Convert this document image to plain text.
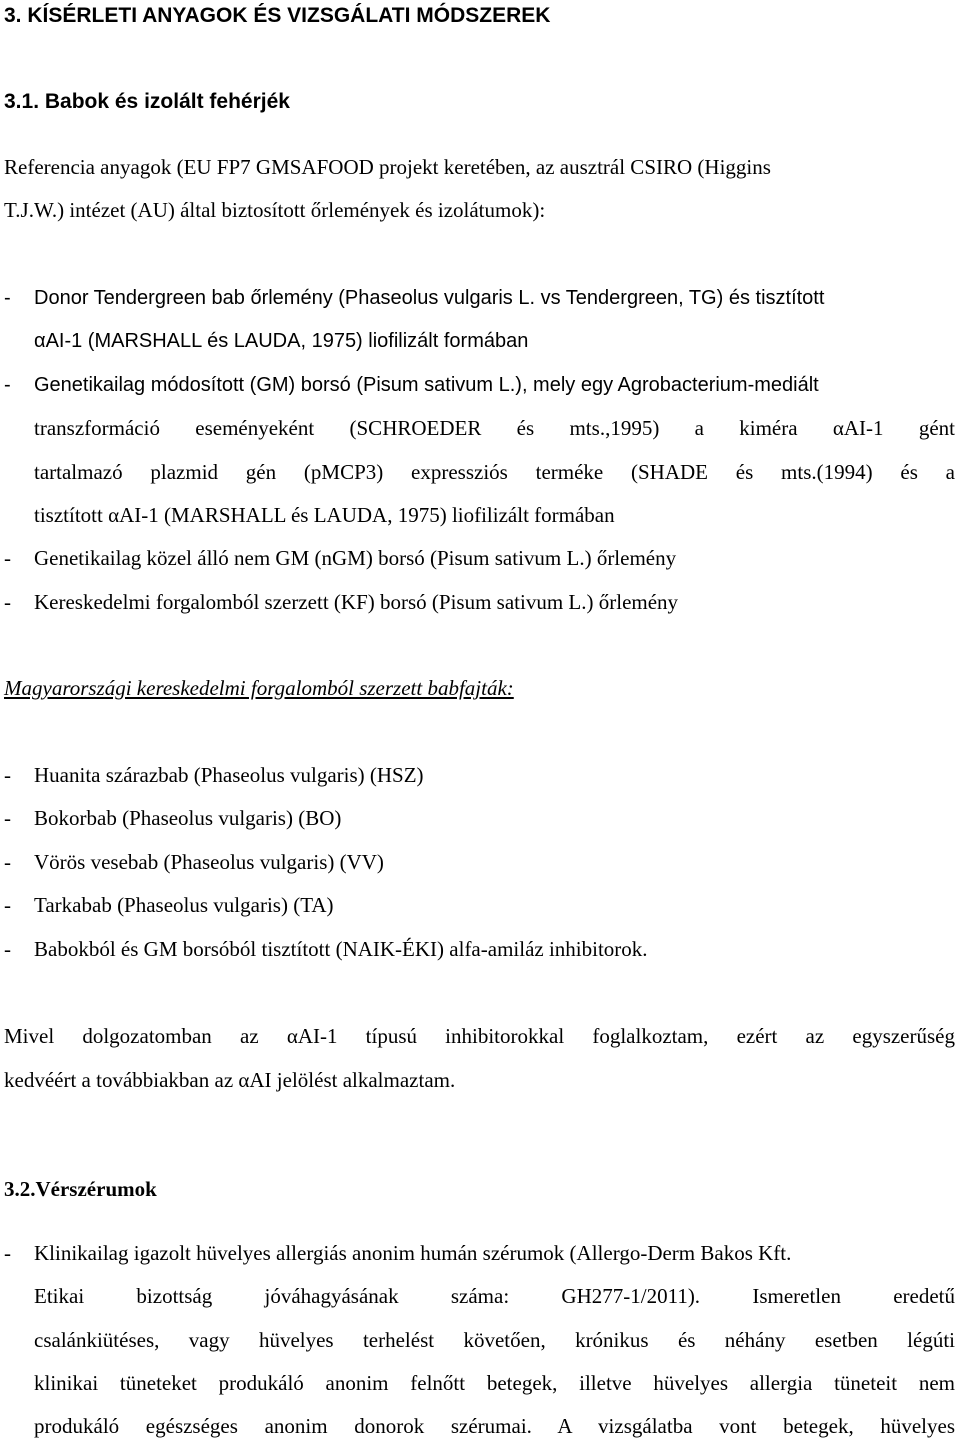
3. KÍSÉRLETI ANYAGOK ÉS VIZSGÁLATI MÓDSZEREK
3.1. Babok és izolált fehérjék
Referencia anyagok (EU FP7 GMSAFOOD projekt keretében, az ausztrál CSIRO (Higgins
T.J.W.) intézet (AU) által biztosított őrlemények és izolátumok):
- Donor Tendergreen bab őrlemény (Phaseolus vulgaris L. vs Tendergreen, TG) és tisztított
αAI-1 (MARSHALL és LAUDA, 1975) liofilizált formában
- Genetikailag módosított (GM) borsó (Pisum sativum L.), mely egy Agrobacterium-mediált
transzformáció eseményeként (SCHROEDER és mts.,1995) a kiméra αAI-1 gént
tartalmazó plazmid gén (pMCP3) expressziós terméke (SHADE és mts.(1994) és a
tisztított αAI-1 (MARSHALL és LAUDA, 1975) liofilizált formában
- Genetikailag közel álló nem GM (nGM) borsó (Pisum sativum L.) őrlemény
- Kereskedelmi forgalomból szerzett (KF) borsó (Pisum sativum L.) őrlemény
Magyarországi kereskedelmi forgalomból szerzett babfajták:
- Huanita szárazbab (Phaseolus vulgaris) (HSZ)
- Bokorbab (Phaseolus vulgaris) (BO)
- Vörös vesebab (Phaseolus vulgaris) (VV)
- Tarkabab (Phaseolus vulgaris) (TA)
- Babokból és GM borsóból tisztított (NAIK-ÉKI) alfa-amiláz inhibitorok.
Mivel dolgozatomban az αAI-1 típusú inhibitorokkal foglalkoztam, ezért az egyszerűség
kedvéért a továbbiakban az αAI jelölést alkalmaztam.
3.2.Vérszérumok
- Klinikailag igazolt hüvelyes allergiás anonim humán szérumok (Allergo-Derm Bakos Kft.
Etikai bizottság jóváhagyásának száma: GH277-1/2011). Ismeretlen eredetű
csalánkiütéses, vagy hüvelyes terhelést követően, krónikus és néhány esetben légúti
klinikai tüneteket produkáló anonim felnőtt betegek, illetve hüvelyes allergia tüneteit nem
produkáló egészséges anonim donorok szérumai. A vizsgálatba vont betegek, hüvelyes
